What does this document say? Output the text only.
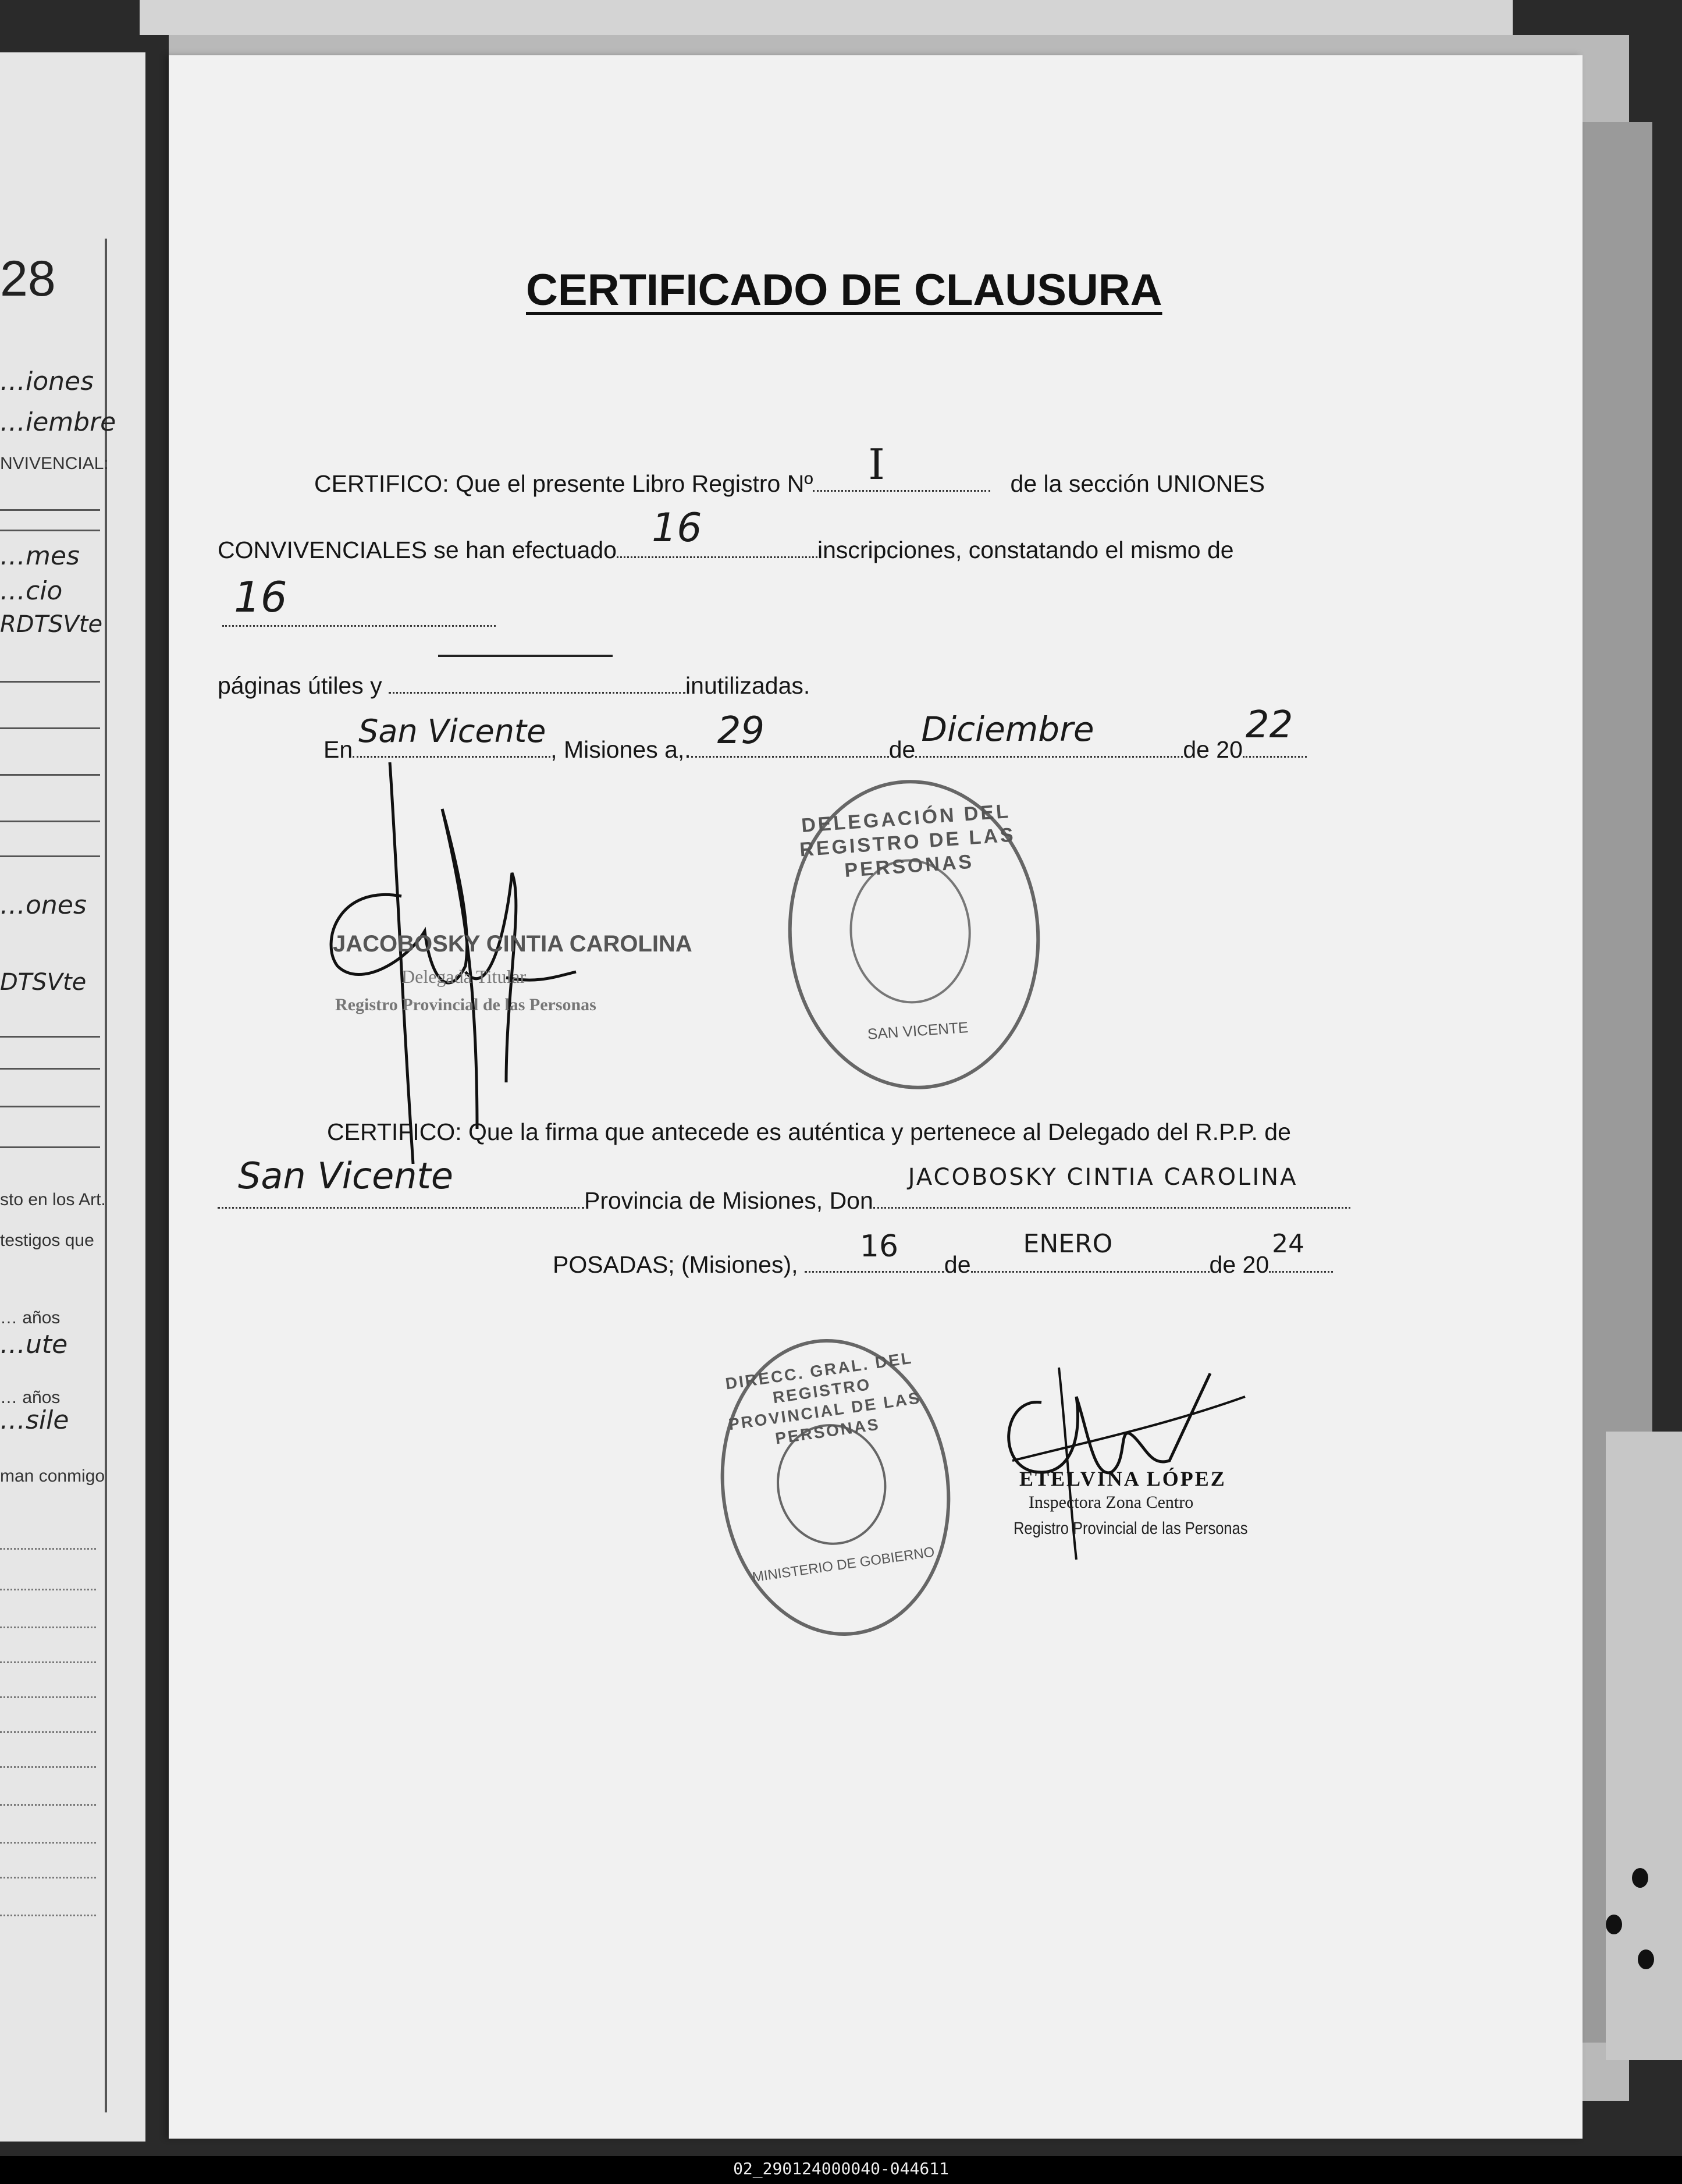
28
…iones
…iembre
NVIVENCIAL:
…mes
…cio
RDTSVte
…ones
DTSVte
sto en los Art.
testigos que
… años
…ute
… años
…sile
man conmigo
CERTIFICADO DE CLAUSURA
CERTIFICO: Que el presente Libro Registro Nº I	de la sección UNIONES
CONVIVENCIALES se han efectuado 16	inscripciones, constatando el mismo de
16
páginas útiles y	inutilizadas.
En San Vicente , Misiones a,. 29	de
Diciembre
de 20
22
JACOBOSKY CINTIA CAROLINA
Delegada Titular
Registro Provincial de las Personas
DELEGACIÓN DEL REGISTRO DE LAS PERSONAS
SAN VICENTE
CERTIFICO: Que la firma que antecede es auténtica y pertenece al Delegado del R.P.P. de
San Vicente
Provincia de Misiones, Don
JACOBOSKY CINTIA CAROLINA
POSADAS; (Misiones),
16
de
ENERO
de 20
24
DIRECC. GRAL. DEL REGISTRO PROVINCIAL DE LAS PERSONAS
MINISTERIO DE GOBIERNO
ETELVINA LÓPEZ
Inspectora Zona Centro
Registro Provincial de las Personas
02_290124000040-044611
